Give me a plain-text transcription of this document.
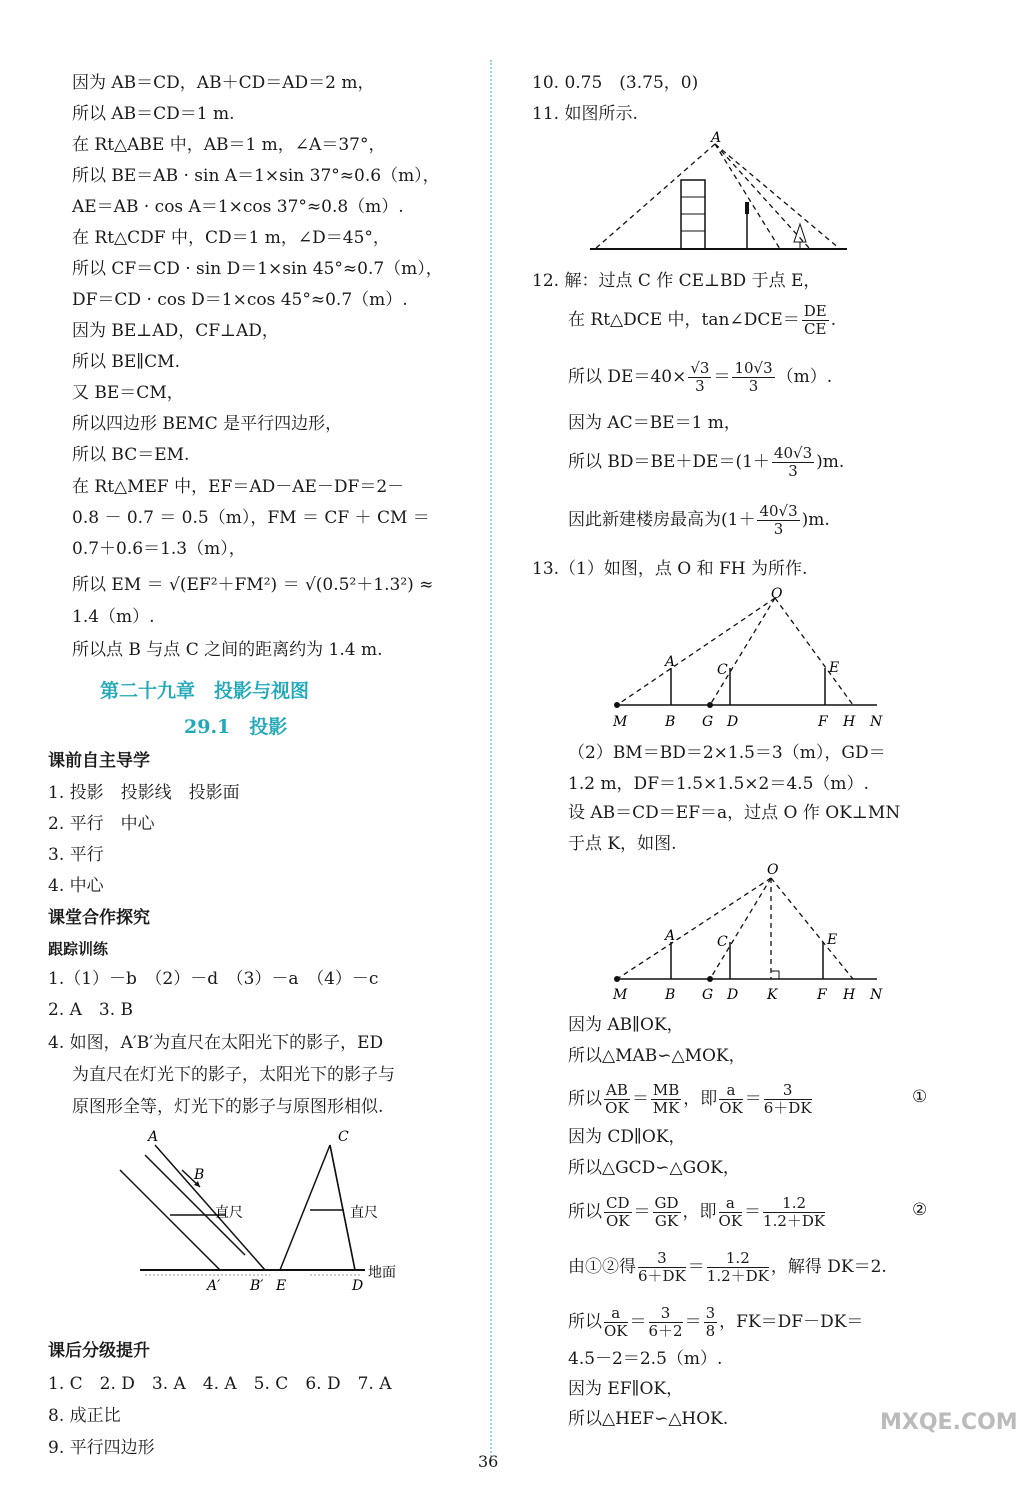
因为 AB＝CD，AB＋CD＝AD＝2 m，
所以 AB＝CD＝1 m.
在 Rt△ABE 中，AB＝1 m，∠A＝37°，
所以 BE＝AB · sin A＝1×sin 37°≈0.6（m），
AE＝AB · cos A＝1×cos 37°≈0.8（m）.
在 Rt△CDF 中，CD＝1 m，∠D＝45°，
所以 CF＝CD · sin D＝1×sin 45°≈0.7（m），
DF＝CD · cos D＝1×cos 45°≈0.7（m）.
因为 BE⊥AD，CF⊥AD，
所以 BE∥CM.
又 BE＝CM，
所以四边形 BEMC 是平行四边形，
所以 BC＝EM.
在 Rt△MEF 中，EF＝AD－AE－DF＝2－
0.8 － 0.7 ＝ 0.5（m），FM ＝ CF ＋ CM ＝
0.7＋0.6＝1.3（m），
所以 EM ＝ √(EF²＋FM²) ＝ √(0.5²＋1.3²) ≈
1.4（m）.
所以点 B 与点 C 之间的距离约为 1.4 m.
第二十九章　投影与视图
29.1　投影
课前自主导学
1. 投影　投影线　投影面
2. 平行　中心
3. 平行
4. 中心
课堂合作探究
跟踪训练
1.（1）－b　（2）－d　（3）－a　（4）－c
2. A　3. B
4. 如图，A′B′为直尺在太阳光下的影子，ED
为直尺在灯光下的影子，太阳光下的影子与
原图形全等，灯光下的影子与原图形相似.
课后分级提升
1. C　2. D　3. A　4. A　5. C　6. D　7. A
8. 成正比
9. 平行四边形
A
B
C
直尺	直尺
A′ B′ E	D
地面
10. 0.75　(3.75，0)
11. 如图所示.
12. 解：过点 C 作 CE⊥BD 于点 E，
在 Rt△DCE 中，tan∠DCE＝ $\frac{DE}{CE}$ .
所以 $DE=40\times \frac{√3}{3} = \frac{10√3}{3} (m)$.
因为 AC＝BE＝1 m，
所以 $BD=BE+DE=(1+ \frac{40√3}{3} )m$.
因此新建楼房最高为$(1+ \frac{40√3}{3} )m$.
13.（1）如图，点 O 和 FH 为所作.
（2）BM＝BD＝2×1.5＝3（m），GD＝
1.2 m，DF＝1.5×1.5×2＝4.5（m）.
设 AB＝CD＝EF＝a，过点 O 作 OK⊥MN
于点 K，如图.
因为 AB∥OK，
所以△MAB∽△MOK，
所以 $\frac{AB}{OK} = \frac{MB}{MK}$ ，即 $\frac{a}{OK} = \frac{3}{6+DK}$	①
因为 CD∥OK，
所以△GCD∽△GOK，
所以 $\frac{CD}{OK} = \frac{GD}{GK}$ ，即 $\frac{a}{OK} = \frac{1.2}{1.2+DK}$	②
由①②得 $\frac{3}{6+DK} = \frac{1.2}{1.2+DK}$ ，解得 DK＝2.
所以 $\frac{a}{OK} = \frac{3}{6+2} = \frac{3}{8}$ ，FK＝DF－DK＝
4.5－2＝2.5（m）.
因为 EF∥OK，
所以△HEF∽△HOK.
A
O
A	C	E
M	B G D	F H N
O
A	C	E
M	B G D K	F H N
36
MXQE.COM
